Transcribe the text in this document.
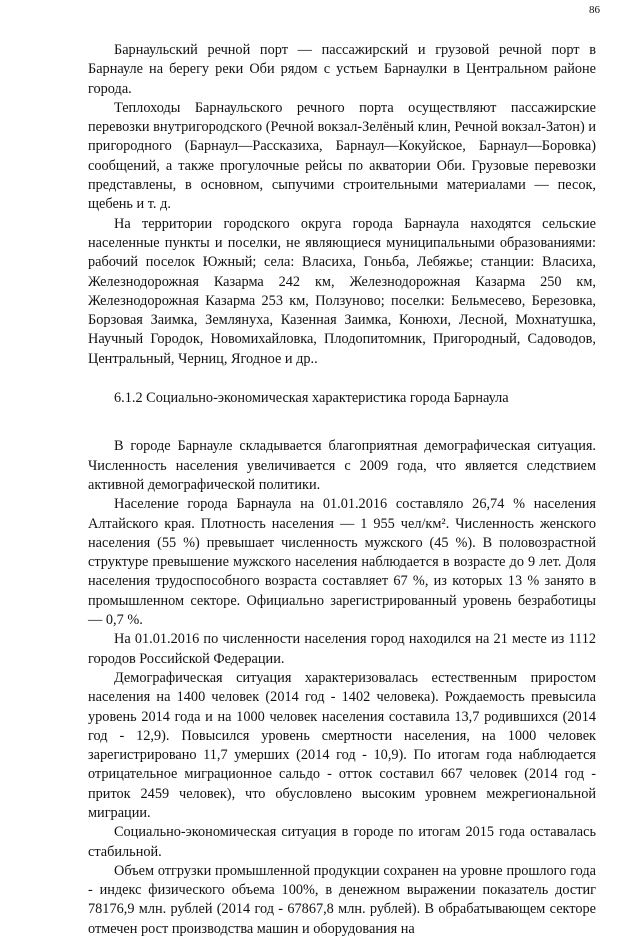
86

Барнаульский речной порт — пассажирский и грузовой речной порт в Барнауле на берегу реки Оби рядом с устьем Барнаулки в Центральном районе города.

Теплоходы Барнаульского речного порта осуществляют пассажирские перевозки внутригородского (Речной вокзал-Зелёный клин, Речной вокзал-Затон) и пригородного (Барнаул—Рассказиха, Барнаул—Кокуйское, Барнаул—Боровка) сообщений, а также прогулочные рейсы по акватории Оби. Грузовые перевозки представлены, в основном, сыпучими строительными материалами — песок, щебень и т. д.

На территории городского округа города Барнаула находятся сельские населенные пункты и поселки, не являющиеся муниципальными образованиями: рабочий поселок Южный; села: Власиха, Гоньба, Лебяжье; станции: Власиха, Железнодорожная Казарма 242 км, Железнодорожная Казарма 250 км, Железнодорожная Казарма 253 км, Ползуново; поселки: Бельмесево, Березовка, Борзовая Заимка, Землянуха, Казенная Заимка, Конюхи, Лесной, Мохнатушка, Научный Городок, Новомихайловка, Плодопитомник, Пригородный, Садоводов, Центральный, Черниц, Ягодное и др..

6.1.2 Социально-экономическая характеристика города Барнаула

В городе Барнауле складывается благоприятная демографическая ситуация. Численность населения увеличивается с 2009 года, что является следствием активной демографической политики.

Население города Барнаула на 01.01.2016 составляло 26,74 % населения Алтайского края. Плотность населения — 1 955 чел/км². Численность женского населения (55 %) превышает численность мужского (45 %). В половозрастной структуре превышение мужского населения наблюдается в возрасте до 9 лет. Доля населения трудоспособного возраста составляет 67 %, из которых 13 % занято в промышленном секторе. Официально зарегистрированный уровень безработицы — 0,7 %.

На 01.01.2016 по численности населения город находился на 21 месте из 1112 городов Российской Федерации.

Демографическая ситуация характеризовалась естественным приростом населения на 1400 человек (2014 год - 1402 человека). Рождаемость превысила уровень 2014 года и на 1000 человек населения составила 13,7 родившихся (2014 год - 12,9). Повысился уровень смертности населения, на 1000 человек зарегистрировано 11,7 умерших (2014 год - 10,9). По итогам года наблюдается отрицательное миграционное сальдо - отток составил 667 человек (2014 год - приток 2459 человек), что обусловлено высоким уровнем межрегиональной миграции.

Социально-экономическая ситуация в городе по итогам 2015 года оставалась стабильной.

Объем отгрузки промышленной продукции сохранен на уровне прошлого года - индекс физического объема 100%, в денежном выражении показатель достиг 78176,9 млн. рублей (2014 год - 67867,8 млн. рублей). В обрабатывающем секторе отмечен рост производства машин и оборудования на
